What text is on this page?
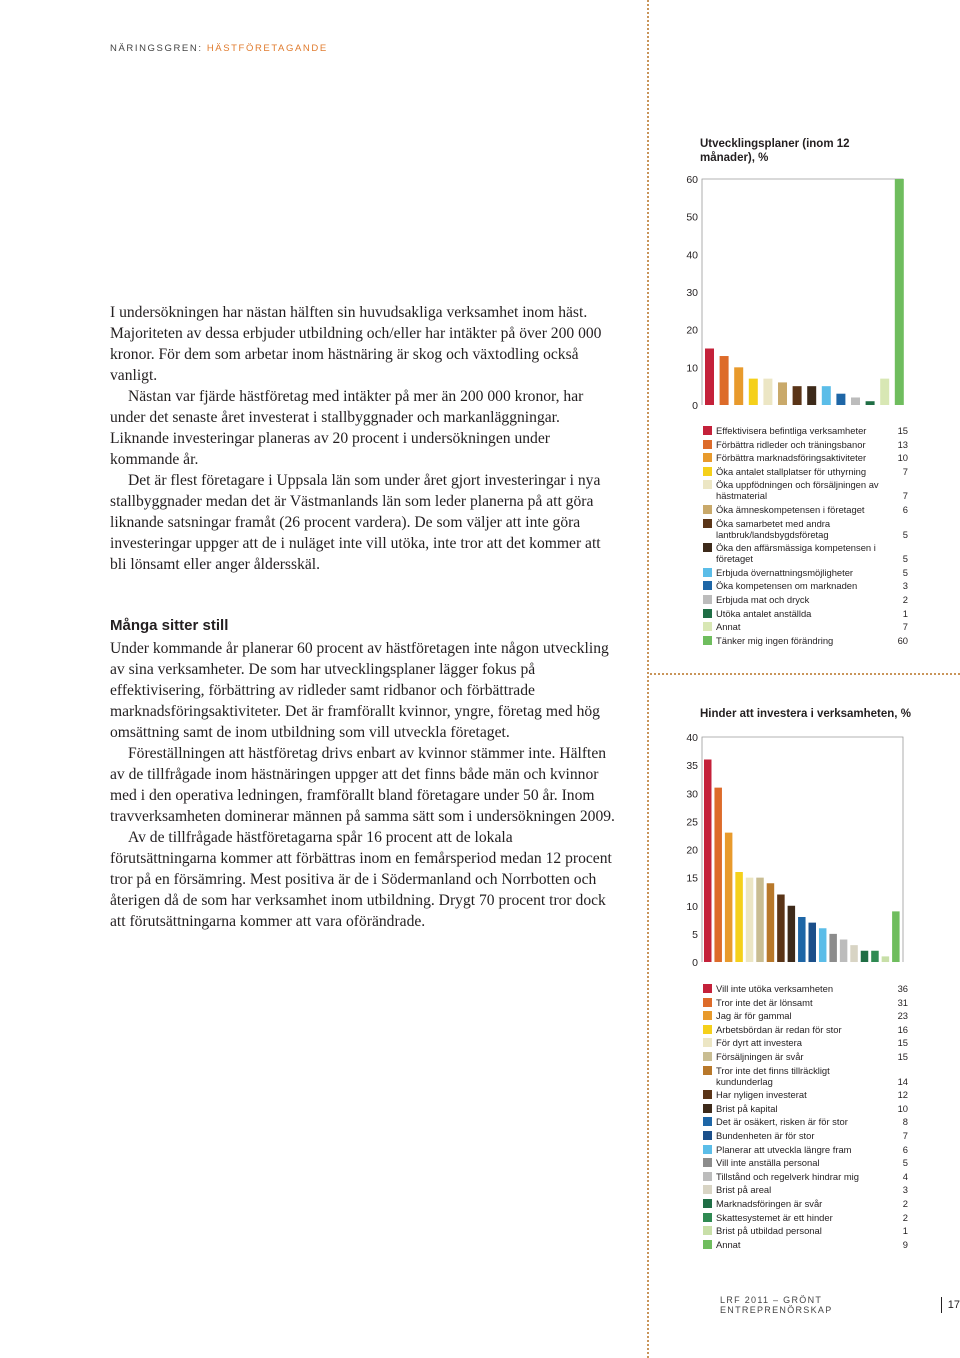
NÄRINGSGREN: HÄSTFÖRETAGANDE

I undersökningen har nästan hälften sin huvudsakliga verksamhet inom häst. Majoriteten av dessa erbjuder utbildning och/eller har intäkter på över 200 000 kronor. För dem som arbetar inom hästnäring är skog och växtodling också vanligt.

Nästan var fjärde hästföretag med intäkter på mer än 200 000 kronor, har under det senaste året investerat i stallbyggnader och markanläggningar. Liknande investeringar planeras av 20 procent i undersökningen under kommande år.

Det är flest företagare i Uppsala län som under året gjort investeringar i nya stallbyggnader medan det är Västmanlands län som leder planerna på att göra liknande satsningar framåt (26 procent vardera). De som väljer att inte göra investeringar uppger att de i nuläget inte vill utöka, inte tror att det kommer att bli lönsamt eller anger åldersskäl.

Många sitter still

Under kommande år planerar 60 procent av hästföretagen inte någon utveckling av sina verksamheter. De som har utvecklingsplaner lägger fokus på effektivisering, förbättring av ridleder samt ridbanor och förbättrade marknadsföringsaktiviteter. Det är framförallt kvinnor, yngre, företag med hög omsättning samt de inom utbildning som vill utveckla företaget.

Föreställningen att hästföretag drivs enbart av kvinnor stämmer inte. Hälften av de tillfrågade inom hästnäringen uppger att det finns både män och kvinnor med i den operativa ledningen, framförallt bland företagare under 50 år. Inom travverksamheten dominerar männen på samma sätt som i undersökningen 2009.

Av de tillfrågade hästföretagarna spår 16 procent att de lokala förutsättningarna kommer att förbättras inom en femårsperiod medan 12 procent tror på en försämring. Mest positiva är de i Södermanland och Norrbotten och återigen då de som har verksamhet inom utbildning. Drygt 70 procent tror dock att förutsättningarna kommer att vara oförändrade.

Utvecklingsplaner (inom 12 månader), %
Hinder att investera i verksamheten, %
0
10
20
30
40
50
60
0
5
10
15
20
25
30
35
40
Effektivisera befintliga verksamheter	15
Förbättra ridleder och träningsbanor	13
Förbättra marknadsföringsaktiviteter	10
Öka antalet stallplatser för uthyrning	7
Öka uppfödningen och försäljningen av hästmaterial	7
Öka ämneskompetensen i företaget	6
Öka samarbetet med andra lantbruk/landsbygdsföretag	5
Öka den affärsmässiga kompetensen i företaget	5
Erbjuda övernattningsmöjligheter	5
Öka kompetensen om marknaden	3
Erbjuda mat och dryck	2
Utöka antalet anställda	1
Annat	7
Tänker mig ingen förändring	60
Vill inte utöka verksamheten	36
Tror inte det är lönsamt	31
Jag är för gammal	23
Arbetsbördan är redan för stor	16
För dyrt att investera	15
Försäljningen är svår	15
Tror inte det finns tillräckligt kundunderlag	14
Har nyligen investerat	12
Brist på kapital	10
Det är osäkert, risken är för stor	8
Bundenheten är för stor	7
Planerar att utveckla längre fram	6
Vill inte anställa personal	5
Tillstånd och regelverk hindrar mig	4
Brist på areal	3
Marknadsföringen är svår	2
Skattesystemet är ett hinder	2
Brist på utbildad personal	1
Annat	9
LRF 2011 – GRÖNT ENTREPRENÖRSKAP	17
